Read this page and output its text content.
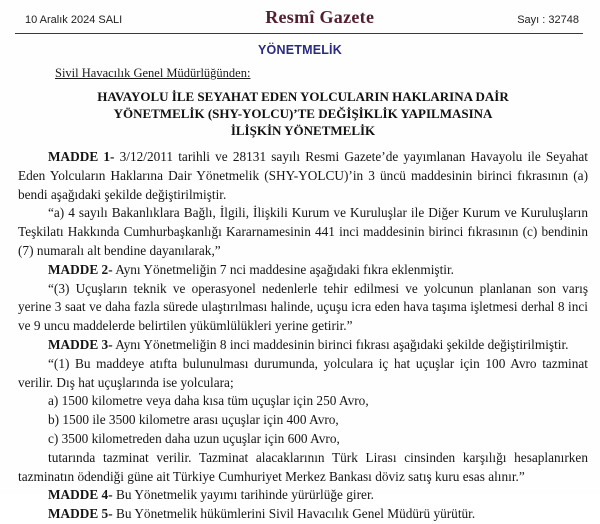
10 Aralık 2024 SALI	Resmî Gazete	Sayı : 32748
YÖNETMELİK
Sivil Havacılık Genel Müdürlüğünden:
HAVAYOLU İLE SEYAHAT EDEN YOLCULARIN HAKLARINA DAİR
YÖNETMELİK (SHY-YOLCU)’TE DEĞİŞİKLİK YAPILMASINA
İLİŞKİN YÖNETMELİK

MADDE 1- 3/12/2011 tarihli ve 28131 sayılı Resmi Gazete’de yayımlanan Havayolu ile Seyahat Eden Yolcuların Haklarına Dair Yönetmelik (SHY-YOLCU)’in 3 üncü maddesinin birinci fıkrasının (a) bendi aşağıdaki şekilde değiştirilmiştir.

“a) 4 sayılı Bakanlıklara Bağlı, İlgili, İlişkili Kurum ve Kuruluşlar ile Diğer Kurum ve Kuruluşların Teşkilatı Hakkında Cumhurbaşkanlığı Kararnamesinin 441 inci maddesinin birinci fıkrasının (c) bendinin (7) numaralı alt bendine dayanılarak,”

MADDE 2- Aynı Yönetmeliğin 7 nci maddesine aşağıdaki fıkra eklenmiştir.

“(3) Uçuşların teknik ve operasyonel nedenlerle tehir edilmesi ve yolcunun planlanan son varış yerine 3 saat ve daha fazla sürede ulaştırılması halinde, uçuşu icra eden hava taşıma işletmesi derhal 8 inci ve 9 uncu maddelerde belirtilen yükümlülükleri yerine getirir.”

MADDE 3- Aynı Yönetmeliğin 8 inci maddesinin birinci fıkrası aşağıdaki şekilde değiştirilmiştir.

“(1) Bu maddeye atıfta bulunulması durumunda, yolculara iç hat uçuşlar için 100 Avro tazminat verilir. Dış hat uçuşlarında ise yolculara;

a) 1500 kilometre veya daha kısa tüm uçuşlar için 250 Avro,

b) 1500 ile 3500 kilometre arası uçuşlar için 400 Avro,

c) 3500 kilometreden daha uzun uçuşlar için 600 Avro,

tutarında tazminat verilir. Tazminat alacaklarının Türk Lirası cinsinden karşılığı hesaplanırken tazminatın ödendiği güne ait Türkiye Cumhuriyet Merkez Bankası döviz satış kuru esas alınır.”

MADDE 4- Bu Yönetmelik yayımı tarihinde yürürlüğe girer.

MADDE 5- Bu Yönetmelik hükümlerini Sivil Havacılık Genel Müdürü yürütür.
